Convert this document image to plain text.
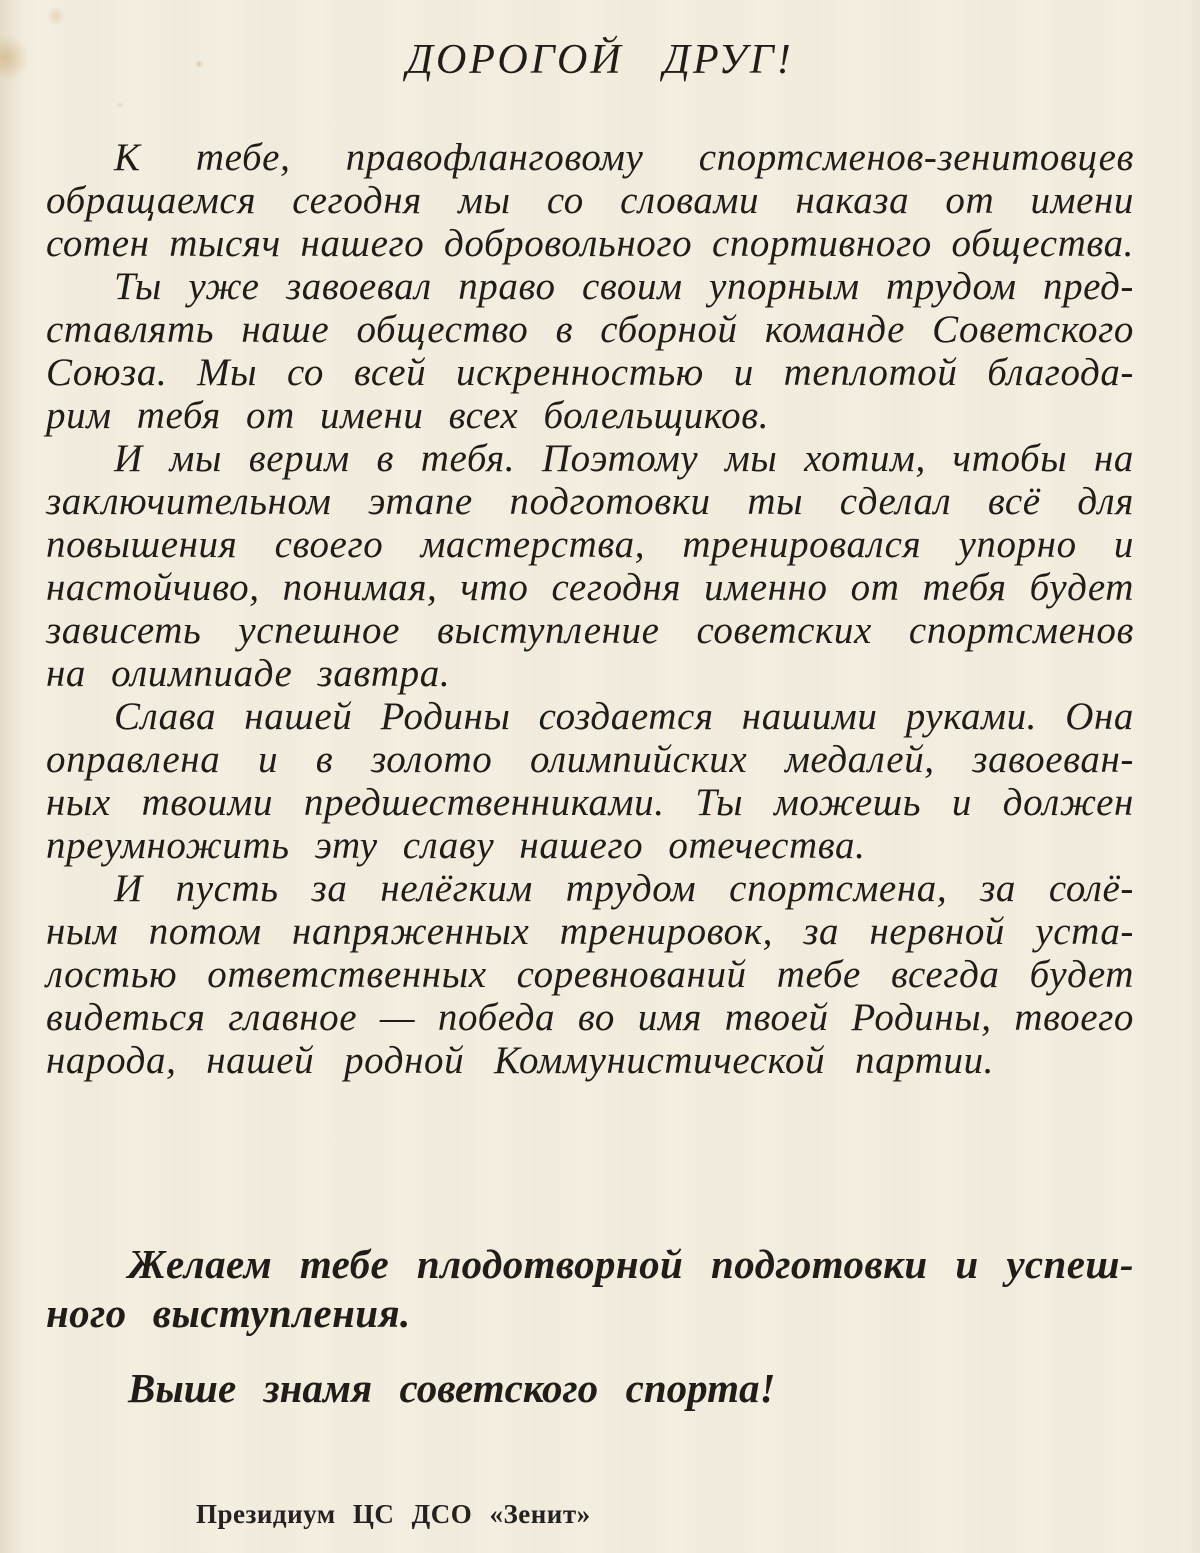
ДОРОГОЙ ДРУГ!
К тебе, правофланговому спортсменов-зенитовцев
обращаемся сегодня мы со словами наказа от имени
сотен тысяч нашего добровольного спортивного общества.
Ты уже завоевал право своим упорным трудом пред-
ставлять наше общество в сборной команде Советского
Союза. Мы со всей искренностью и теплотой благода-
рим тебя от имени всех болельщиков.
И мы верим в тебя. Поэтому мы хотим, чтобы на
заключительном этапе подготовки ты сделал всё для
повышения своего мастерства, тренировался упорно и
настойчиво, понимая, что сегодня именно от тебя будет
зависеть успешное выступление советских спортсменов
на олимпиаде завтра.
Слава нашей Родины создается нашими руками. Она
оправлена и в золото олимпийских медалей, завоеван-
ных твоими предшественниками. Ты можешь и должен
преумножить эту славу нашего отечества.
И пусть за нелёгким трудом спортсмена, за солё-
ным потом напряженных тренировок, за нервной уста-
лостью ответственных соревнований тебе всегда будет
видеться главное — победа во имя твоей Родины, твоего
народа, нашей родной Коммунистической партии.
Желаем тебе плодотворной подготовки и успеш-
ного выступления.
Выше знамя советского спорта!
Президиум ЦС ДСО «Зенит»
